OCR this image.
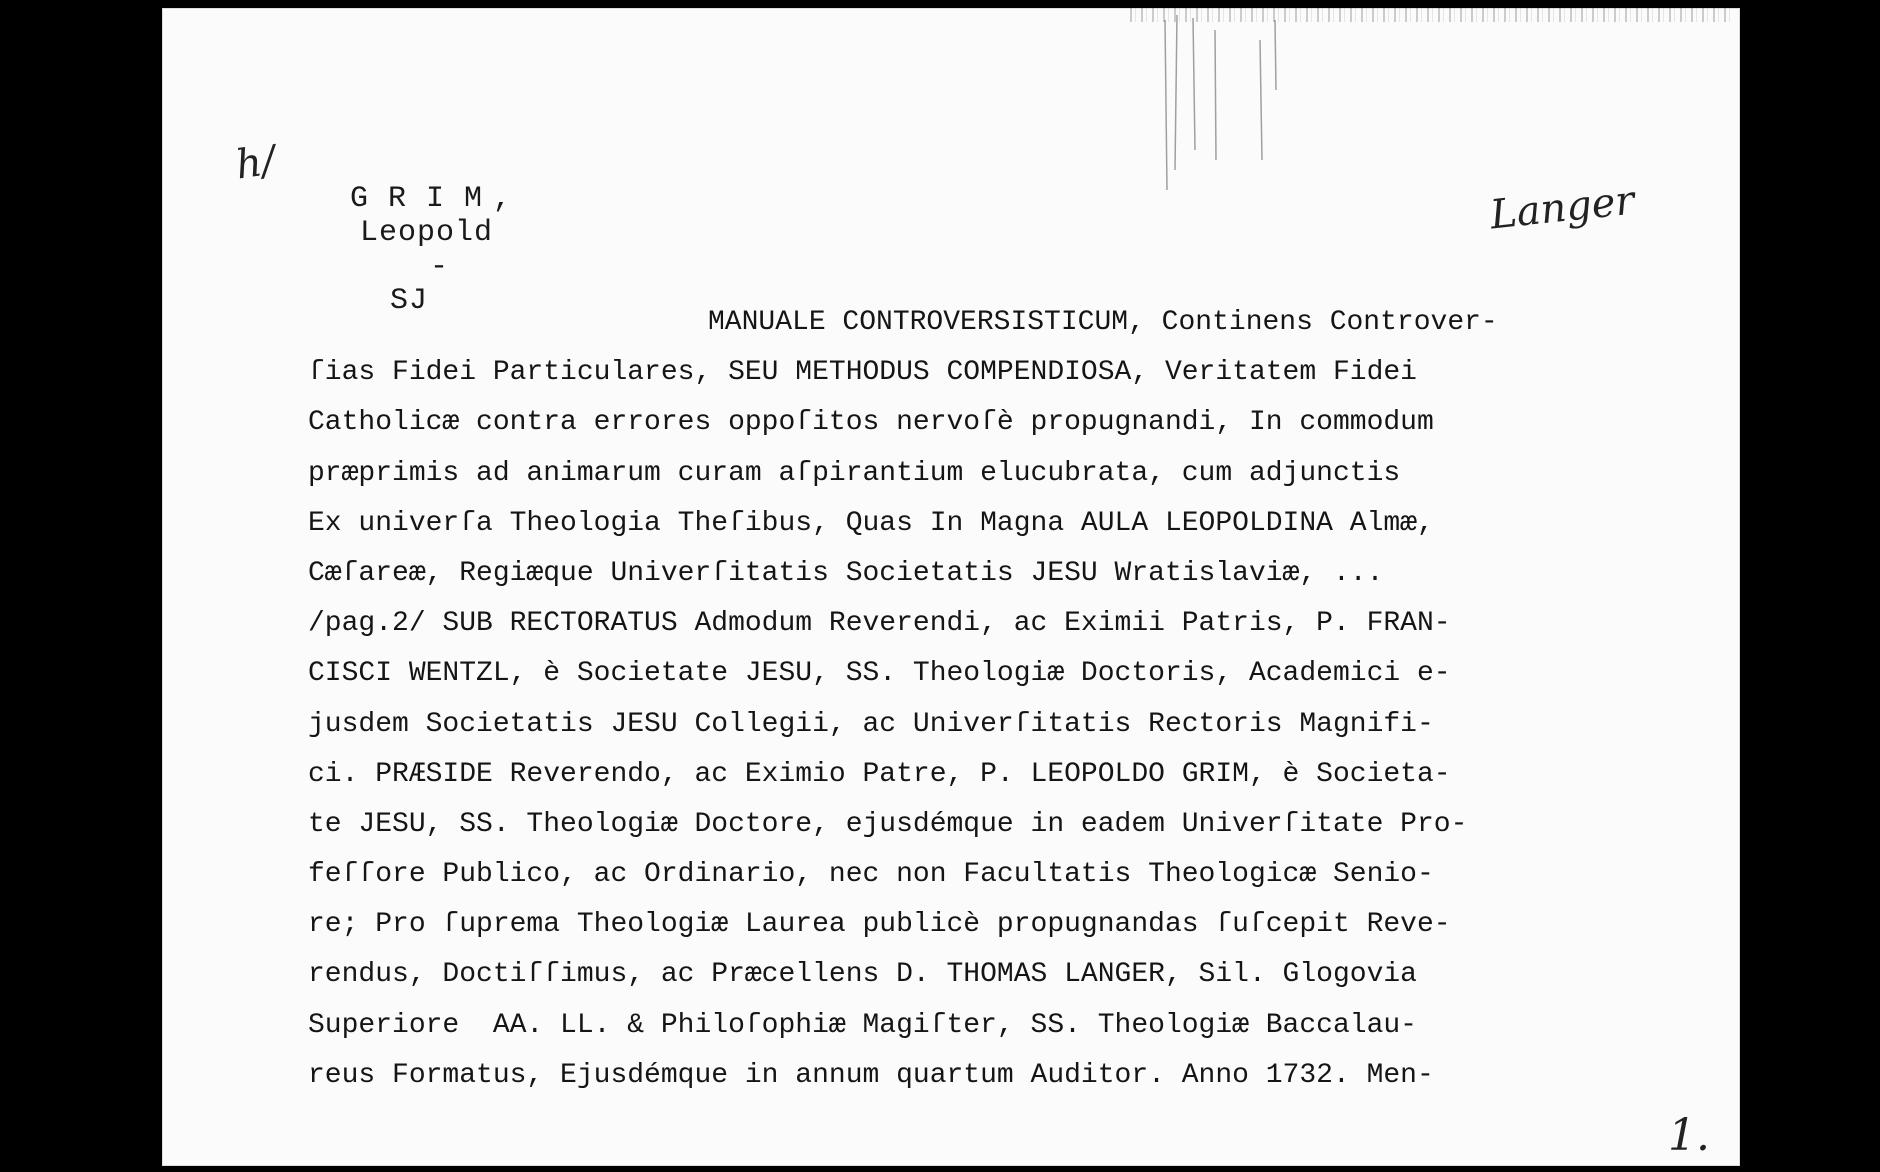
h/

G R I M ,
Leopold
-
SJ

Langer
MANUALE CONTROVERSISTICUM, Continens Controver-
ſias Fidei Particulares, SEU METHODUS COMPENDIOSA, Veritatem Fidei
Catholicæ contra errores oppoſitos nervoſè propugnandi, In commodum
præprimis ad animarum curam aſpirantium elucubrata, cum adjunctis
Ex univerſa Theologia Theſibus, Quas In Magna AULA LEOPOLDINA Almæ,
Cæſareæ, Regiæque Univerſitatis Societatis JESU Wratislaviæ, ...
/pag.2/ SUB RECTORATUS Admodum Reverendi, ac Eximii Patris, P. FRAN-
CISCI WENTZL, è Societate JESU, SS. Theologiæ Doctoris, Academici e-
jusdem Societatis JESU Collegii, ac Univerſitatis Rectoris Magnifi-
ci. PRÆSIDE Reverendo, ac Eximio Patre, P. LEOPOLDO GRIM, è Societa-
te JESU, SS. Theologiæ Doctore, ejusdémque in eadem Univerſitate Pro-
feſſore Publico, ac Ordinario, nec non Facultatis Theologicæ Senio-
re; Pro ſuprema Theologiæ Laurea publicè propugnandas ſuſcepit Reve-
rendus, Doctiſſimus, ac Præcellens D. THOMAS LANGER, Sil. Glogovia
Superiore  AA. LL. & Philoſophiæ Magiſter, SS. Theologiæ Baccalau-
reus Formatus, Ejusdémque in annum quartum Auditor. Anno 1732. Men-
1.
